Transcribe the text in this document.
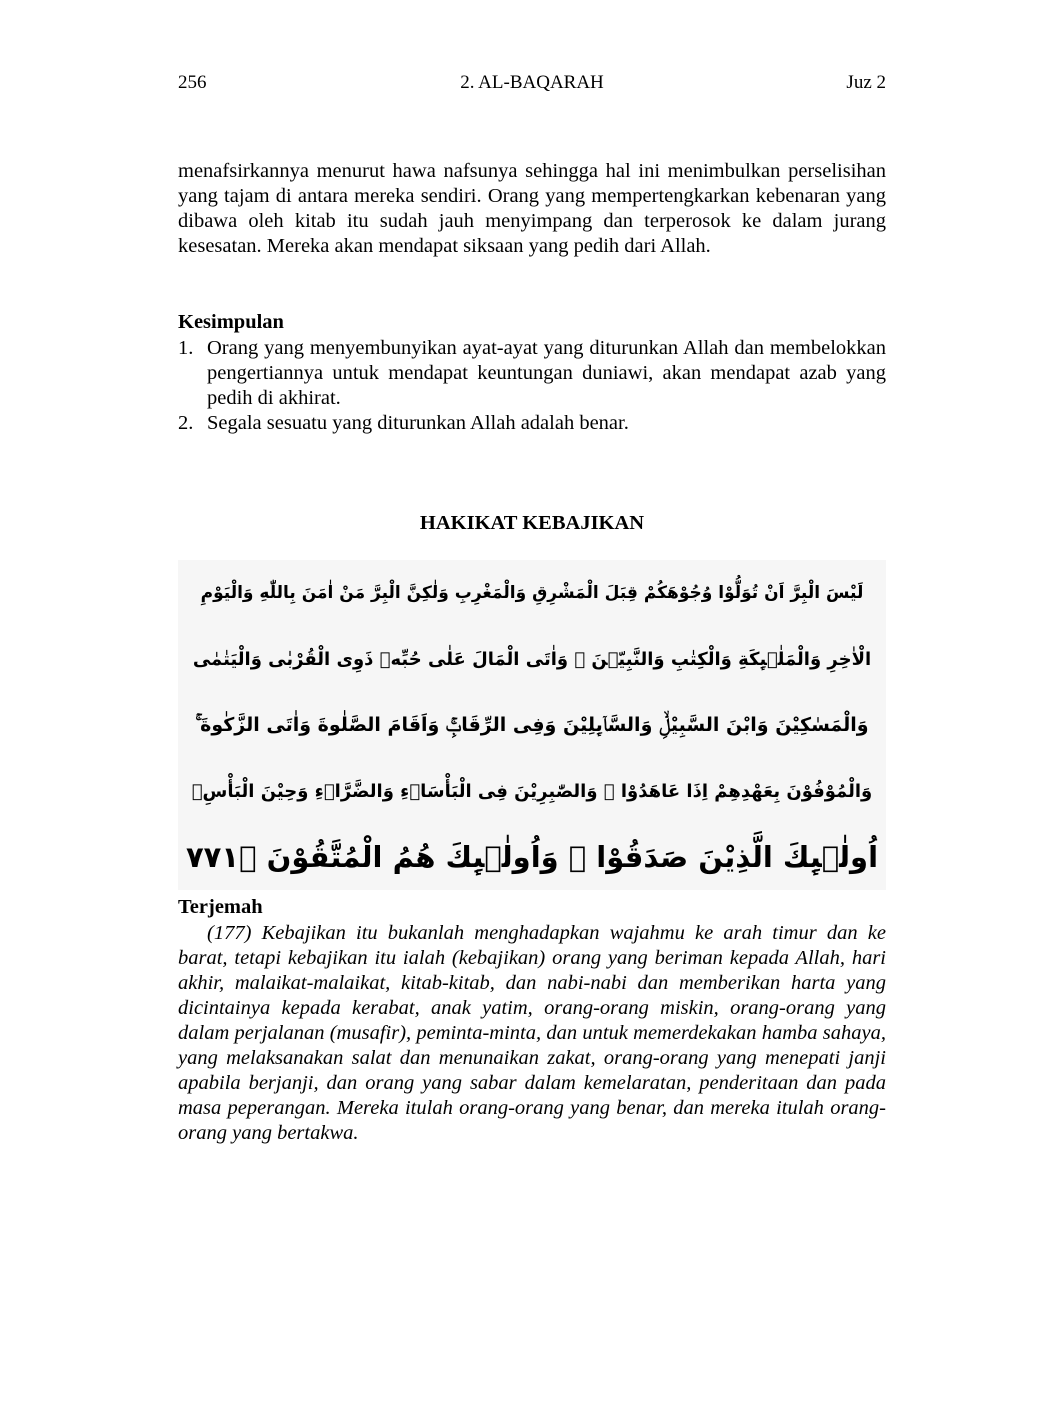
256	2. AL-BAQARAH	Juz 2
menafsirkannya menurut hawa nafsunya sehingga hal ini menimbulkan perselisihan yang tajam di antara mereka sendiri. Orang yang mempertengkarkan kebenaran yang dibawa oleh kitab itu sudah jauh menyimpang dan terperosok ke dalam jurang kesesatan. Mereka akan mendapat siksaan yang pedih dari Allah.
Kesimpulan
1. Orang yang menyembunyikan ayat-ayat yang diturunkan Allah dan membelokkan pengertiannya untuk mendapat keuntungan duniawi, akan mendapat azab yang pedih di akhirat.
2. Segala sesuatu yang diturunkan Allah adalah benar.
HAKIKAT KEBAJIKAN
لَيْسَ الْبِرَّ اَنْ تُوَلُّوْا وُجُوْهَكُمْ قِبَلَ الْمَشْرِقِ وَالْمَغْرِبِ وَلٰكِنَّ الْبِرَّ مَنْ اٰمَنَ بِاللّٰهِ وَالْيَوْمِ
الْاٰخِرِ وَالْمَلٰۤىِٕكَةِ وَالْكِتٰبِ وَالنَّبِيّٖنَ ۚ وَاٰتَى الْمَالَ عَلٰى حُبِّهٖ ذَوِى الْقُرْبٰى وَالْيَتٰمٰى
وَالْمَسٰكِيْنَ وَابْنَ السَّبِيْلِۙ وَالسَّاۤىِٕلِيْنَ وَفِى الرِّقَابِۚ وَاَقَامَ الصَّلٰوةَ وَاٰتَى الزَّكٰوةَ ۚ
وَالْمُوْفُوْنَ بِعَهْدِهِمْ اِذَا عَاهَدُوْا ۚ وَالصّٰبِرِيْنَ فِى الْبَأْسَاۤءِ وَالضَّرَّاۤءِ وَحِيْنَ الْبَأْسِۗ
اُولٰۤىِٕكَ الَّذِيْنَ صَدَقُوْا ۗ وَاُولٰۤىِٕكَ هُمُ الْمُتَّقُوْنَ ۝١٧٧
Terjemah
(177) Kebajikan itu bukanlah menghadapkan wajahmu ke arah timur dan ke barat, tetapi kebajikan itu ialah (kebajikan) orang yang beriman kepada Allah, hari akhir, malaikat-malaikat, kitab-kitab, dan nabi-nabi dan memberikan harta yang dicintainya kepada kerabat, anak yatim, orang-orang miskin, orang-orang yang dalam perjalanan (musafir), peminta-minta, dan untuk memerdekakan hamba sahaya, yang melaksanakan salat dan menunaikan zakat, orang-orang yang menepati janji apabila berjanji, dan orang yang sabar dalam kemelaratan, penderitaan dan pada masa peperangan. Mereka itulah orang-orang yang benar, dan mereka itulah orang-orang yang bertakwa.
